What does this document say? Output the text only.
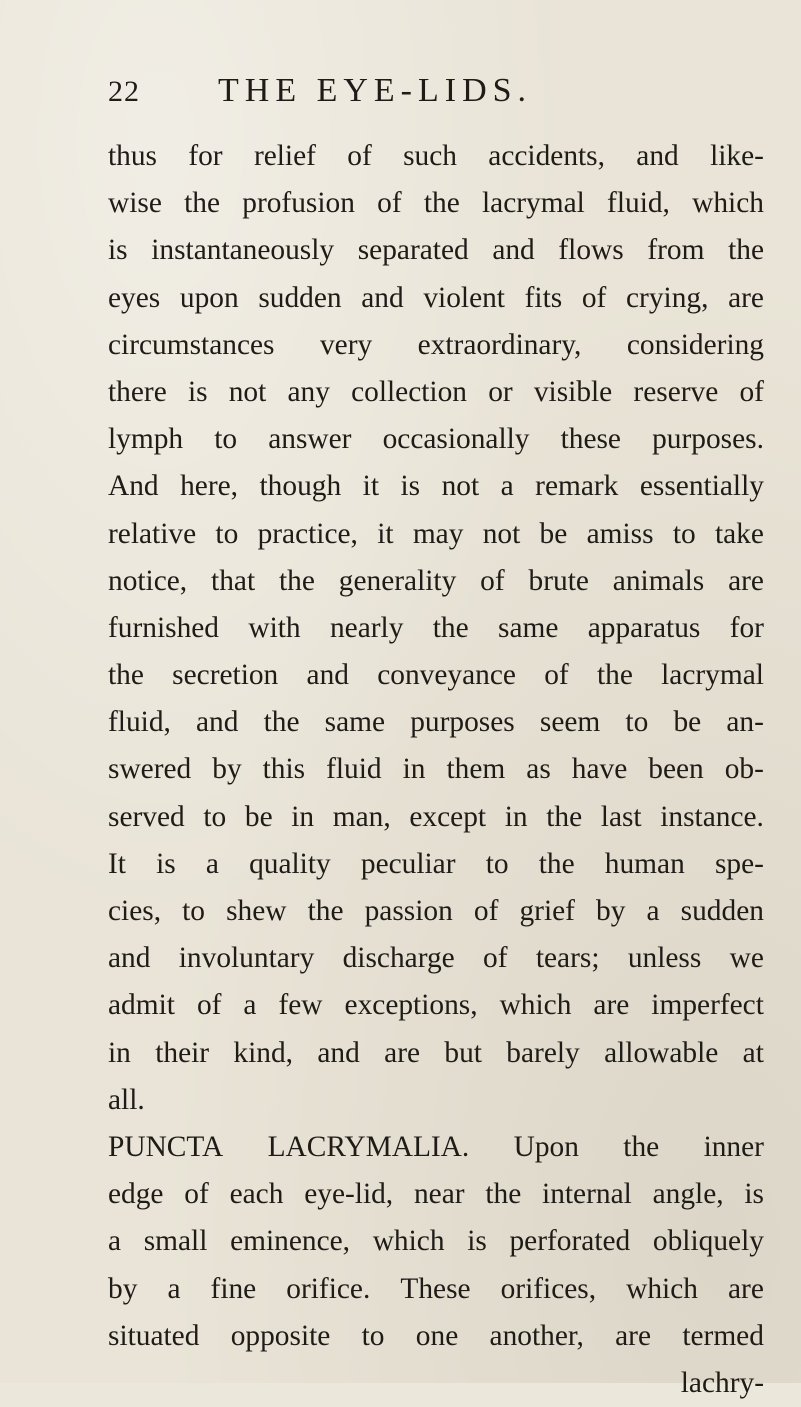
22	THE EYE-LIDS.
thus for relief of such accidents, and like-
wise the profusion of the lacrymal fluid, which
is instantaneously separated and flows from the
eyes upon sudden and violent fits of crying, are
circumstances very extraordinary, considering
there is not any collection or visible reserve of
lymph to answer occasionally these purposes.
And here, though it is not a remark essentially
relative to practice, it may not be amiss to take
notice, that the generality of brute animals are
furnished with nearly the same apparatus for
the secretion and conveyance of the lacrymal
fluid, and the same purposes seem to be an-
swered by this fluid in them as have been ob-
served to be in man, except in the last instance.
It is a quality peculiar to the human spe-
cies, to shew the passion of grief by a sudden
and involuntary discharge of tears; unless we
admit of a few exceptions, which are imperfect
in their kind, and are but barely allowable at
all.
PUNCTA LACRYMALIA. Upon the inner
edge of each eye-lid, near the internal angle, is
a small eminence, which is perforated obliquely
by a fine orifice. These orifices, which are
situated opposite to one another, are termed
lachry-
